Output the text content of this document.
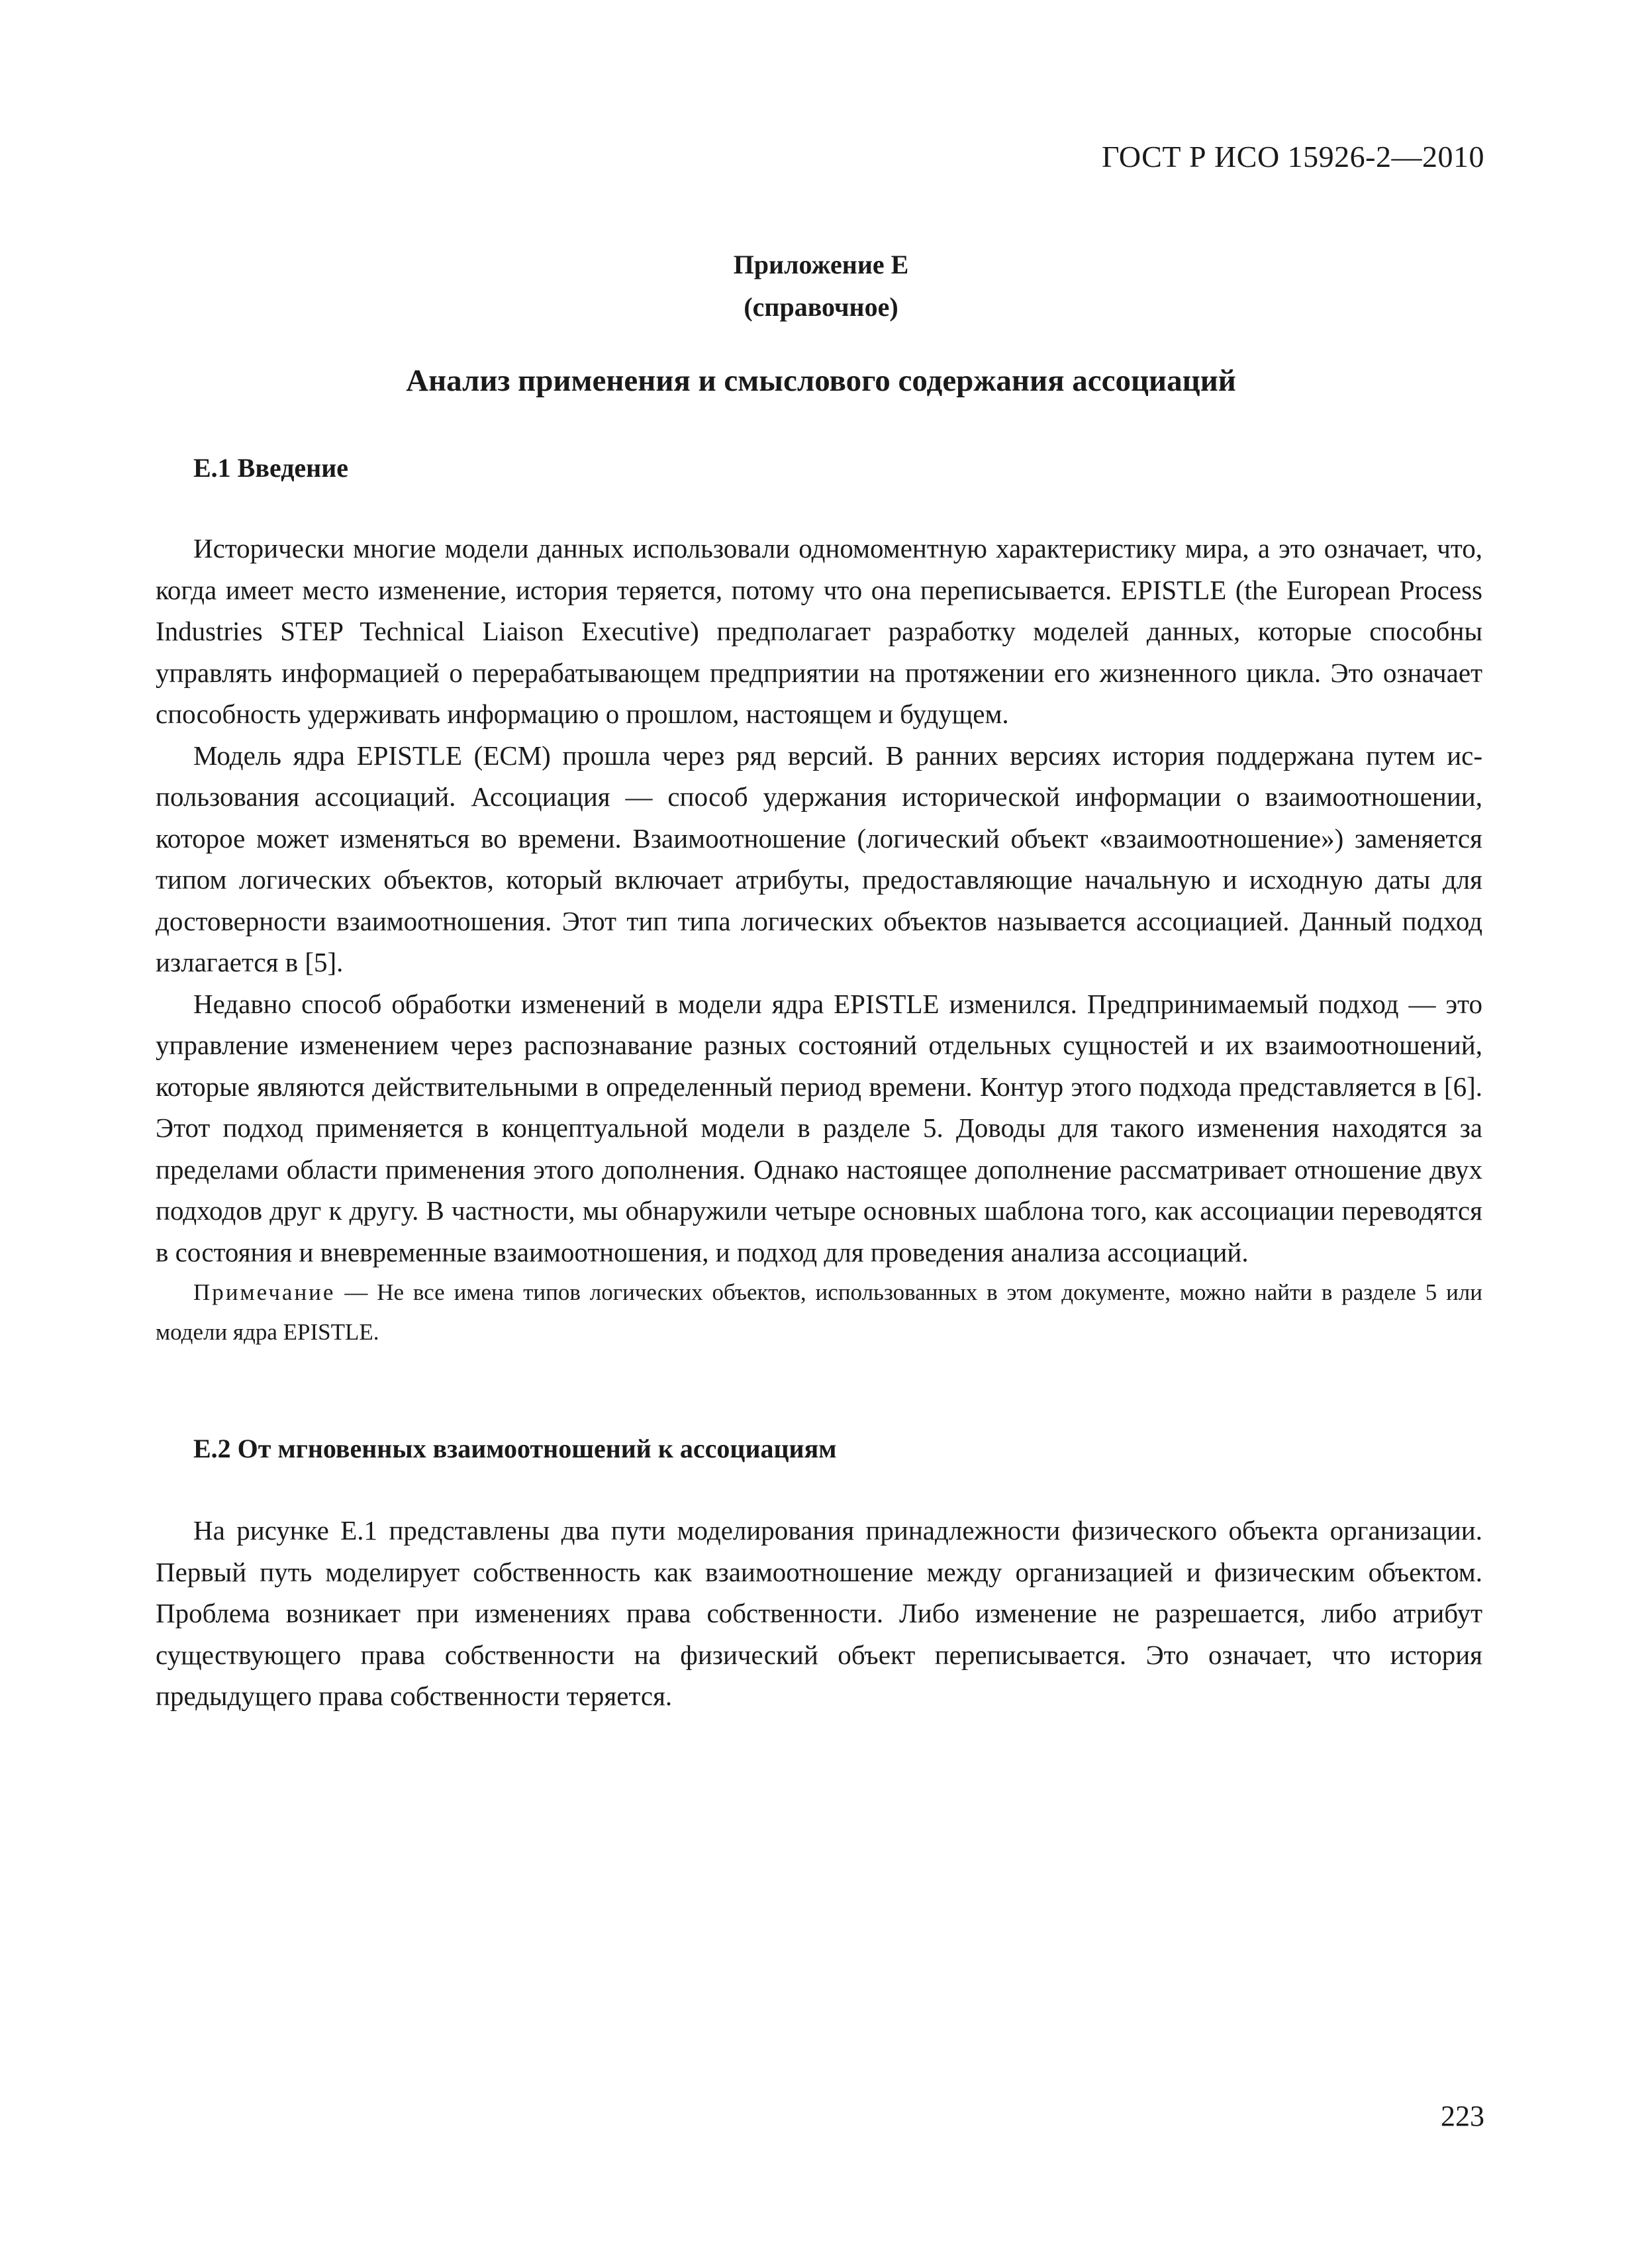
ГОСТ Р ИСО 15926-2—2010
Приложение Е
(справочное)
Анализ применения и смыслового содержания ассоциаций
Е.1 Введение

Исторически многие модели данных использовали одномоментную характеристику мира, а это означает, что, когда имеет место изменение, история теряется, потому что она переписывается. EPISTLE (the European Process Industries STEP Technical Liaison Executive) предполагает разработку моделей данных, которые способны управлять информацией о перерабатывающем предприятии на протяжении его жизненного цикла. Это означает способность удерживать информацию о прошлом, настоящем и будущем.

Модель ядра EPISTLE (ECM) прошла через ряд версий. В ранних версиях история поддержана путем использования ассоциаций. Ассоциация — способ удержания исторической информации о взаимоотношении, которое может изменяться во времени. Взаимоотношение (логический объект «взаимоотношение») заменяется типом логических объектов, который включает атрибуты, предоставляющие начальную и исходную даты для достоверности взаимоотношения. Этот тип типа логических объектов называется ассоциацией. Данный подход излагается в [5].

Недавно способ обработки изменений в модели ядра EPISTLE изменился. Предпринимаемый подход — это управление изменением через распознавание разных состояний отдельных сущностей и их взаимоотношений, которые являются действительными в определенный период времени. Контур этого подхода представляется в [6]. Этот подход применяется в концептуальной модели в разделе 5. Доводы для такого изменения находятся за пределами области применения этого дополнения. Однако настоящее дополнение рассматривает отношение двух подходов друг к другу. В частности, мы обнаружили четыре основных шаблона того, как ассоциации переводятся в состояния и вневременные взаимоотношения, и подход для проведения анализа ассоциаций.

Примечание — Не все имена типов логических объектов, использованных в этом документе, можно найти в разделе 5 или модели ядра EPISTLE.

Е.2 От мгновенных взаимоотношений к ассоциациям

На рисунке Е.1 представлены два пути моделирования принадлежности физического объекта организации. Первый путь моделирует собственность как взаимоотношение между организацией и физическим объектом. Проблема возникает при изменениях права собственности. Либо изменение не разрешается, либо атрибут существующего права собственности на физический объект переписывается. Это означает, что история предыдущего права собственности теряется.

223
